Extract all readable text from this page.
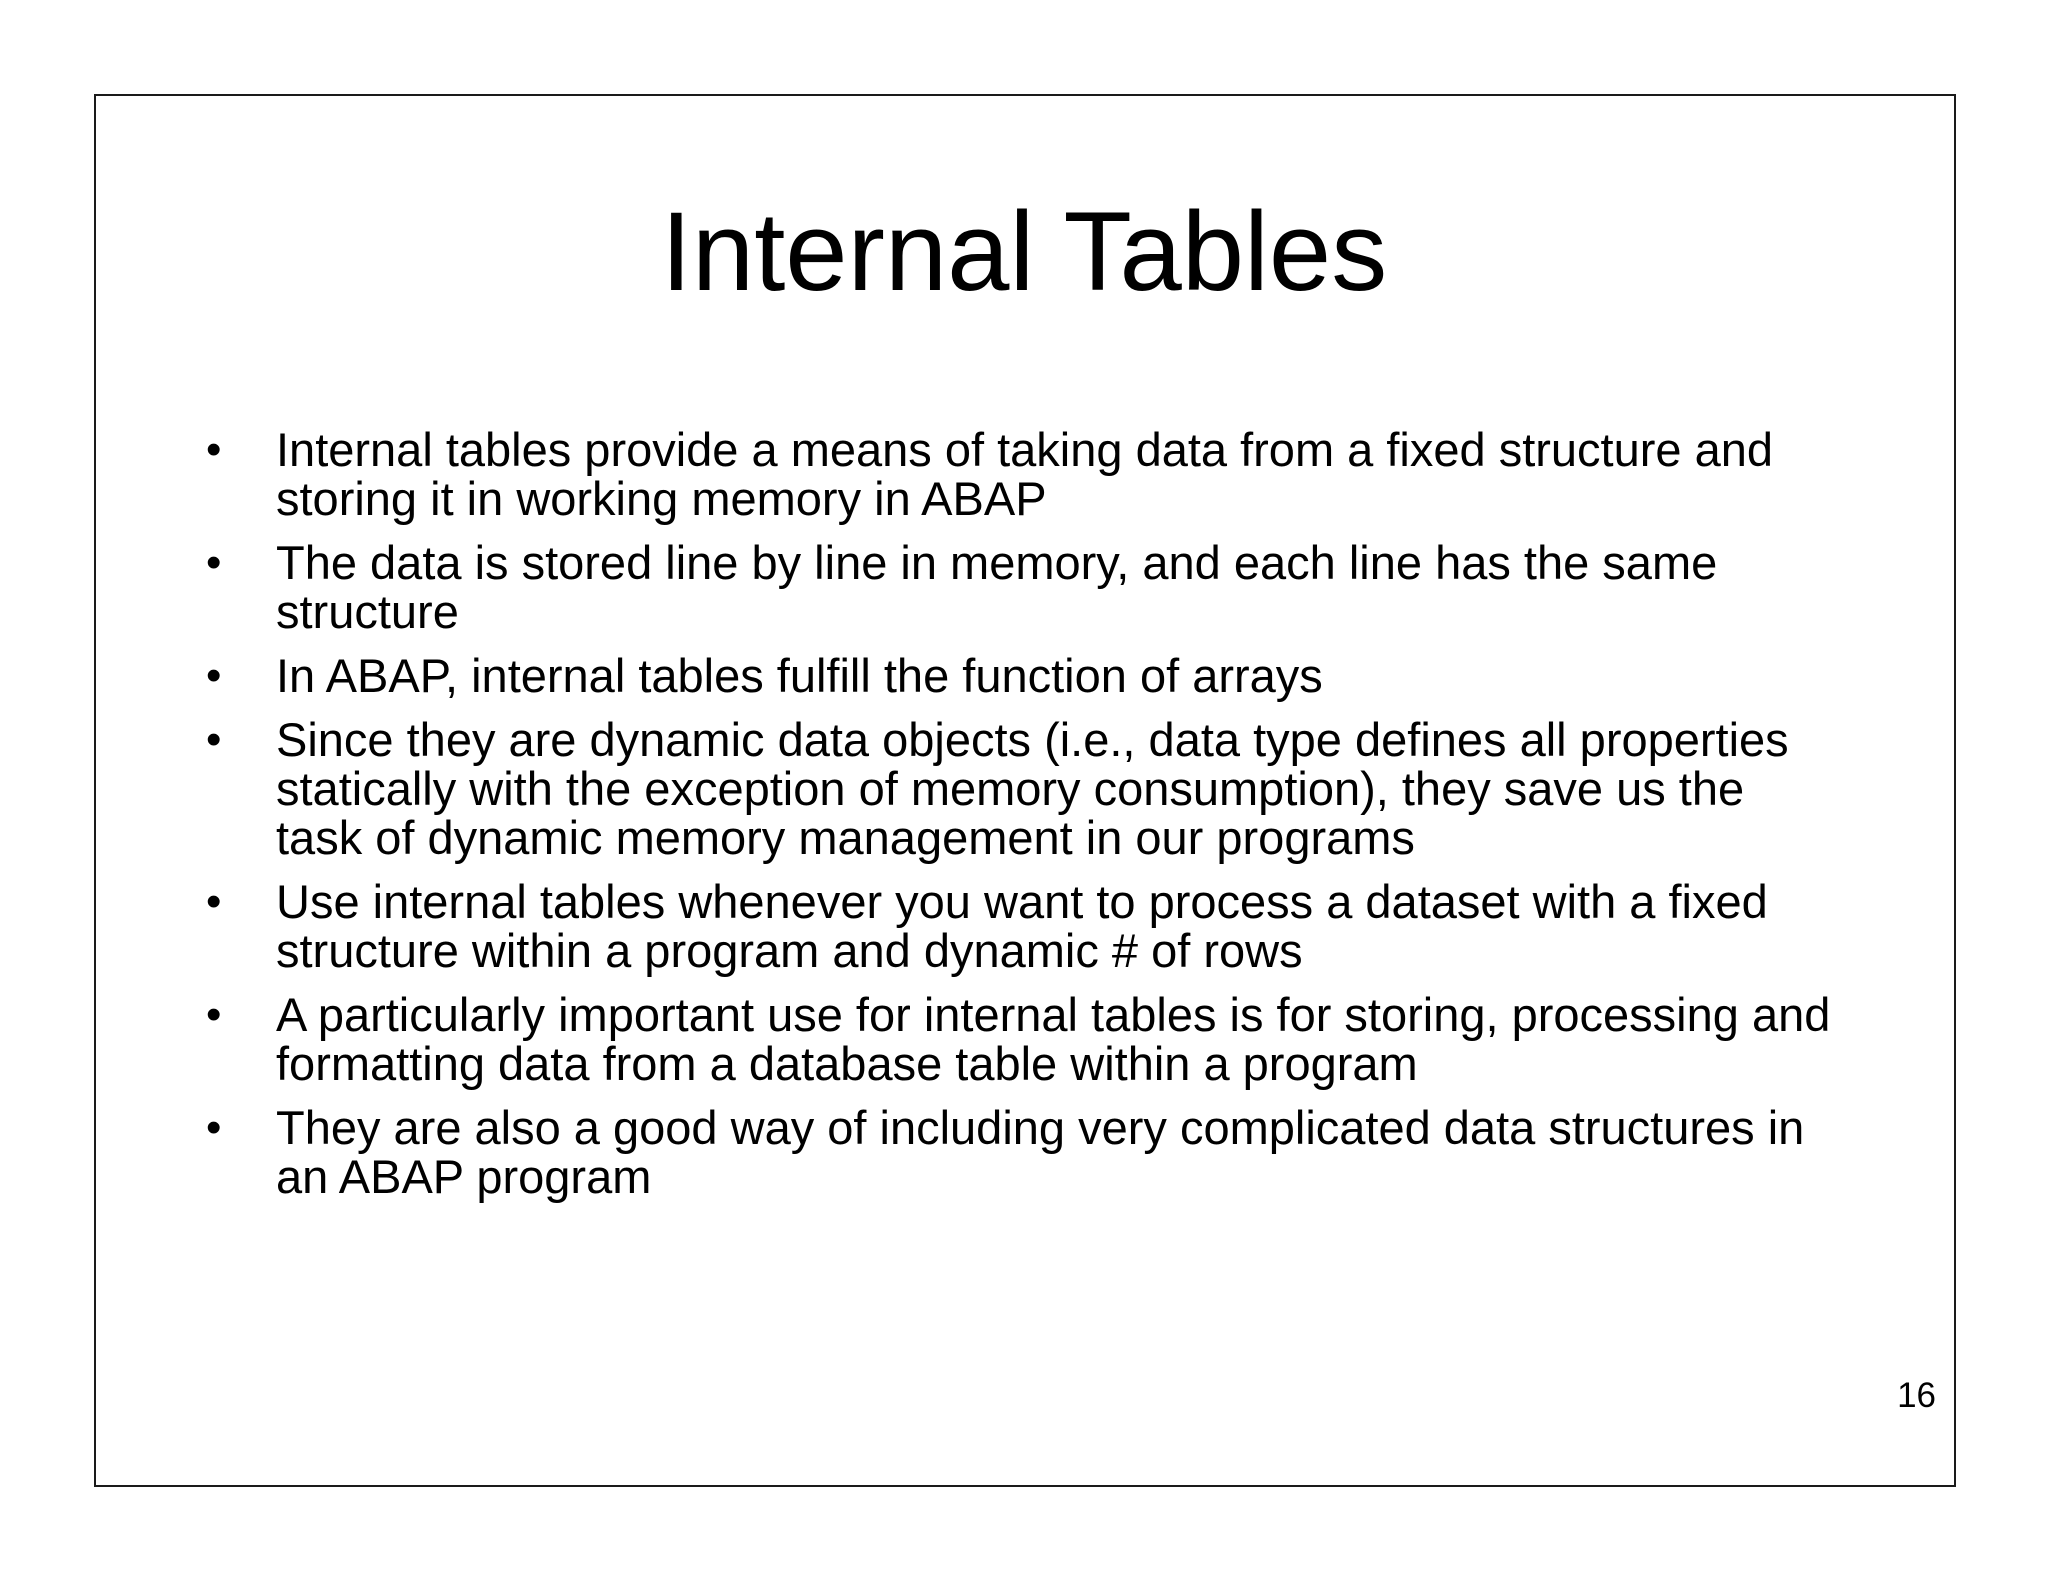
Internal Tables
• Internal tables provide a means of taking data from a fixed structure and storing it in working memory in ABAP
• The data is stored line by line in memory, and each line has the same structure
• In ABAP, internal tables fulfill the function of arrays
• Since they are dynamic data objects (i.e., data type defines all properties statically with the exception of memory consumption), they save us the task of dynamic memory management in our programs
• Use internal tables whenever you want to process a dataset with a fixed structure within a program and dynamic # of rows
• A particularly important use for internal tables is for storing, processing and formatting data from a database table within a program
• They are also a good way of including very complicated data structures in an ABAP program
16
